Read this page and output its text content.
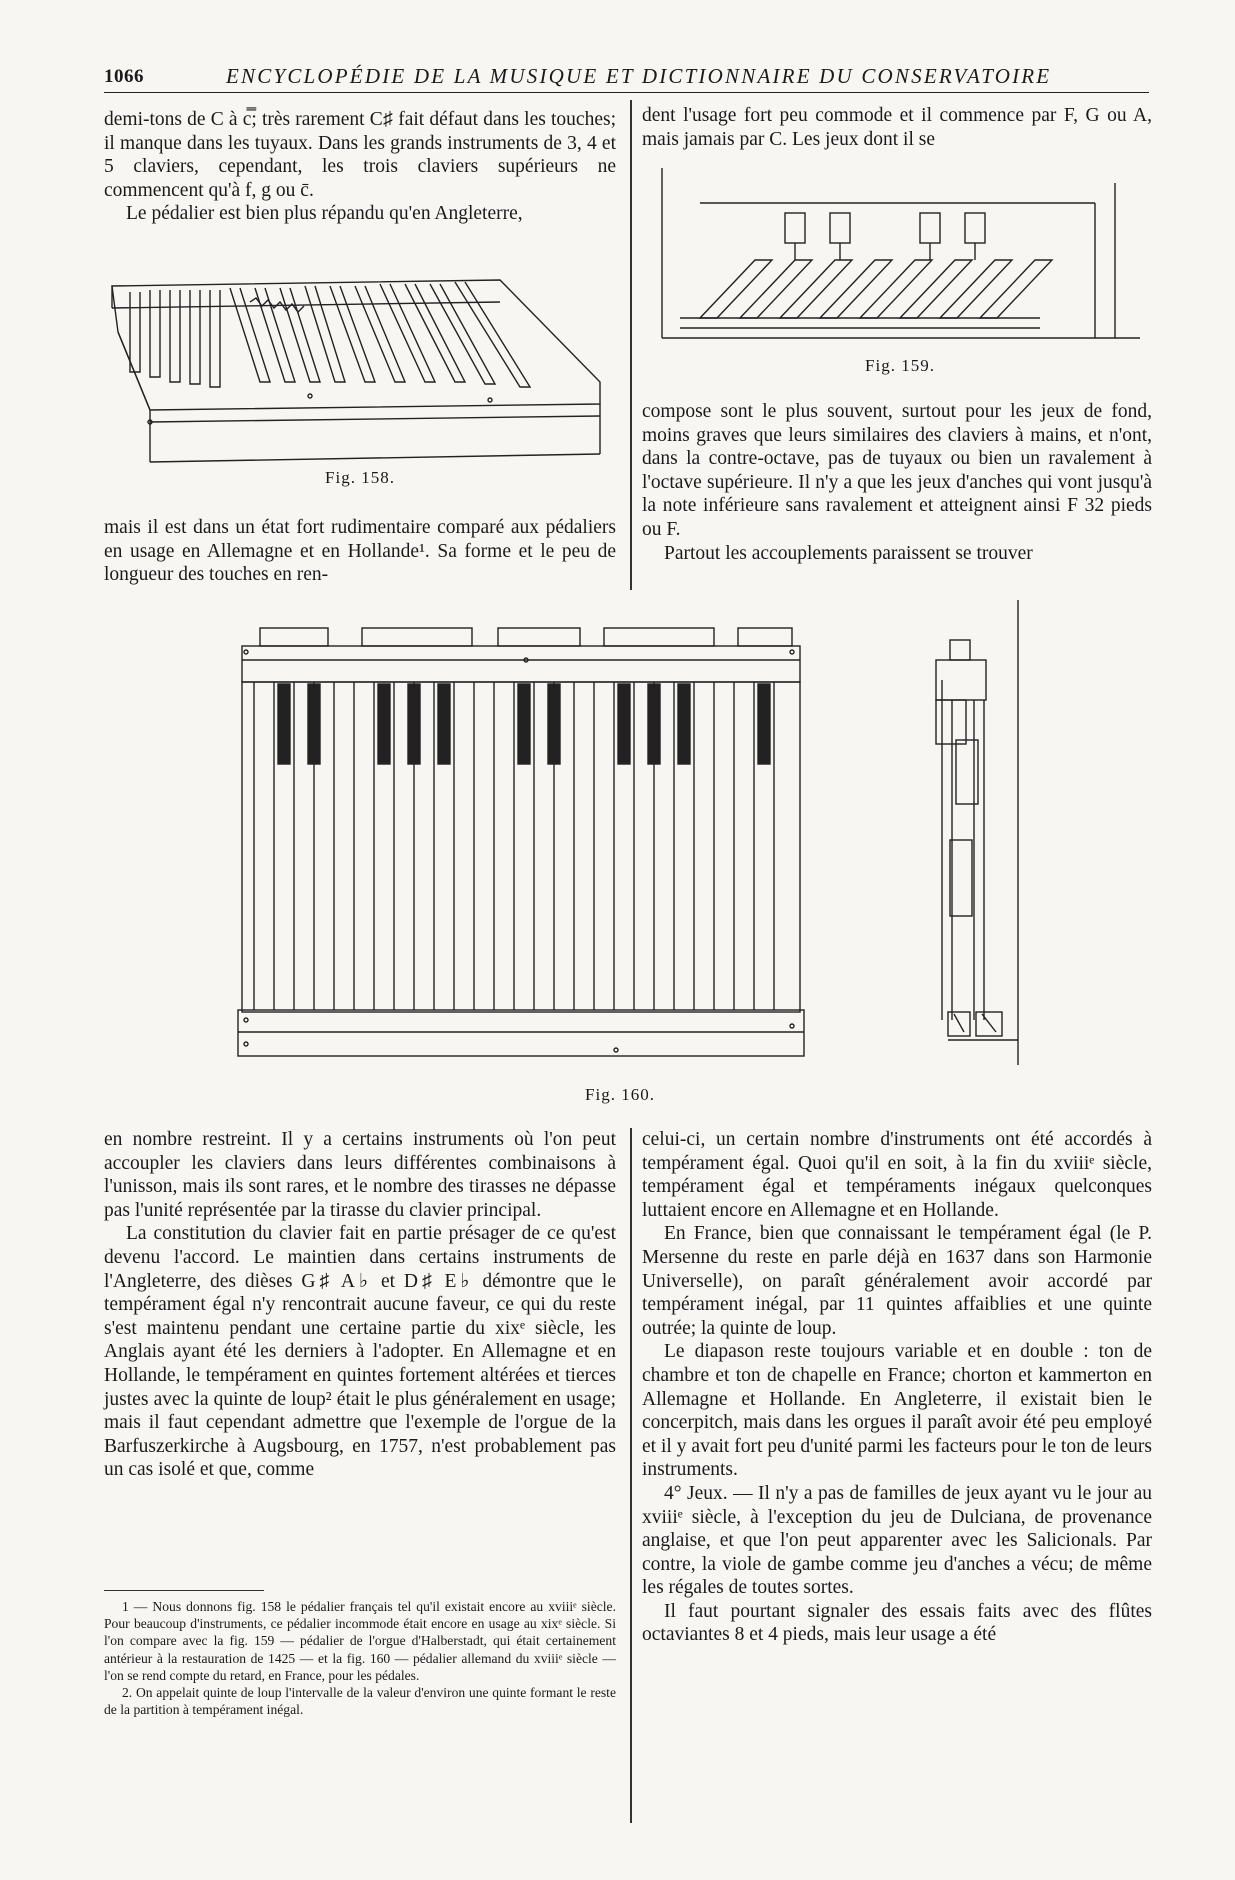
1066	ENCYCLOPÉDIE DE LA MUSIQUE ET DICTIONNAIRE DU CONSERVATOIRE

demi-tons de C à c̿; très rarement C♯ fait défaut dans les touches; il manque dans les tuyaux. Dans les grands instruments de 3, 4 et 5 claviers, cependant, les trois claviers supérieurs ne commencent qu'à f, g ou c̄.

Le pédalier est bien plus répandu qu'en Angleterre,

Fig. 158.

mais il est dans un état fort rudimentaire comparé aux pédaliers en usage en Allemagne et en Hollande¹. Sa forme et le peu de longueur des touches en ren-

dent l'usage fort peu commode et il commence par F, G ou A, mais jamais par C. Les jeux dont il se

Fig. 159.

compose sont le plus souvent, surtout pour les jeux de fond, moins graves que leurs similaires des claviers à mains, et n'ont, dans la contre-octave, pas de tuyaux ou bien un ravalement à l'octave supérieure. Il n'y a que les jeux d'anches qui vont jusqu'à la note inférieure sans ravalement et atteignent ainsi F 32 pieds ou F.

Partout les accouplements paraissent se trouver

Fig. 160.

en nombre restreint. Il y a certains instruments où l'on peut accoupler les claviers dans leurs différentes combinaisons à l'unisson, mais ils sont rares, et le nombre des tirasses ne dépasse pas l'unité représentée par la tirasse du clavier principal.

La constitution du clavier fait en partie présager de ce qu'est devenu l'accord. Le maintien dans certains instruments de l'Angleterre, des dièses G♯ A♭ et D♯ E♭ démontre que le tempérament égal n'y rencontrait aucune faveur, ce qui du reste s'est maintenu pendant une certaine partie du xixᵉ siècle, les Anglais ayant été les derniers à l'adopter. En Allemagne et en Hollande, le tempérament en quintes fortement altérées et tierces justes avec la quinte de loup² était le plus généralement en usage; mais il faut cependant admettre que l'exemple de l'orgue de la Barfuszerkirche à Augsbourg, en 1757, n'est probablement pas un cas isolé et que, comme

1 — Nous donnons fig. 158 le pédalier français tel qu'il existait encore au xviiiᵉ siècle. Pour beaucoup d'instruments, ce pédalier incommode était encore en usage au xixᵉ siècle. Si l'on compare avec la fig. 159 — pédalier de l'orgue d'Halberstadt, qui était certainement antérieur à la restauration de 1425 — et la fig. 160 — pédalier allemand du xviiiᵉ siècle — l'on se rend compte du retard, en France, pour les pédales.

2. On appelait quinte de loup l'intervalle de la valeur d'environ une quinte formant le reste de la partition à tempérament inégal.

celui-ci, un certain nombre d'instruments ont été accordés à tempérament égal. Quoi qu'il en soit, à la fin du xviiiᵉ siècle, tempérament égal et tempéraments inégaux quelconques luttaient encore en Allemagne et en Hollande.

En France, bien que connaissant le tempérament égal (le P. Mersenne du reste en parle déjà en 1637 dans son Harmonie Universelle), on paraît généralement avoir accordé par tempérament inégal, par 11 quintes affaiblies et une quinte outrée; la quinte de loup.

Le diapason reste toujours variable et en double : ton de chambre et ton de chapelle en France; chorton et kammerton en Allemagne et Hollande. En Angleterre, il existait bien le concerpitch, mais dans les orgues il paraît avoir été peu employé et il y avait fort peu d'unité parmi les facteurs pour le ton de leurs instruments.

4° Jeux. — Il n'y a pas de familles de jeux ayant vu le jour au xviiiᵉ siècle, à l'exception du jeu de Dulciana, de provenance anglaise, et que l'on peut apparenter avec les Salicionals. Par contre, la viole de gambe comme jeu d'anches a vécu; de même les régales de toutes sortes.

Il faut pourtant signaler des essais faits avec des flûtes octaviantes 8 et 4 pieds, mais leur usage a été
